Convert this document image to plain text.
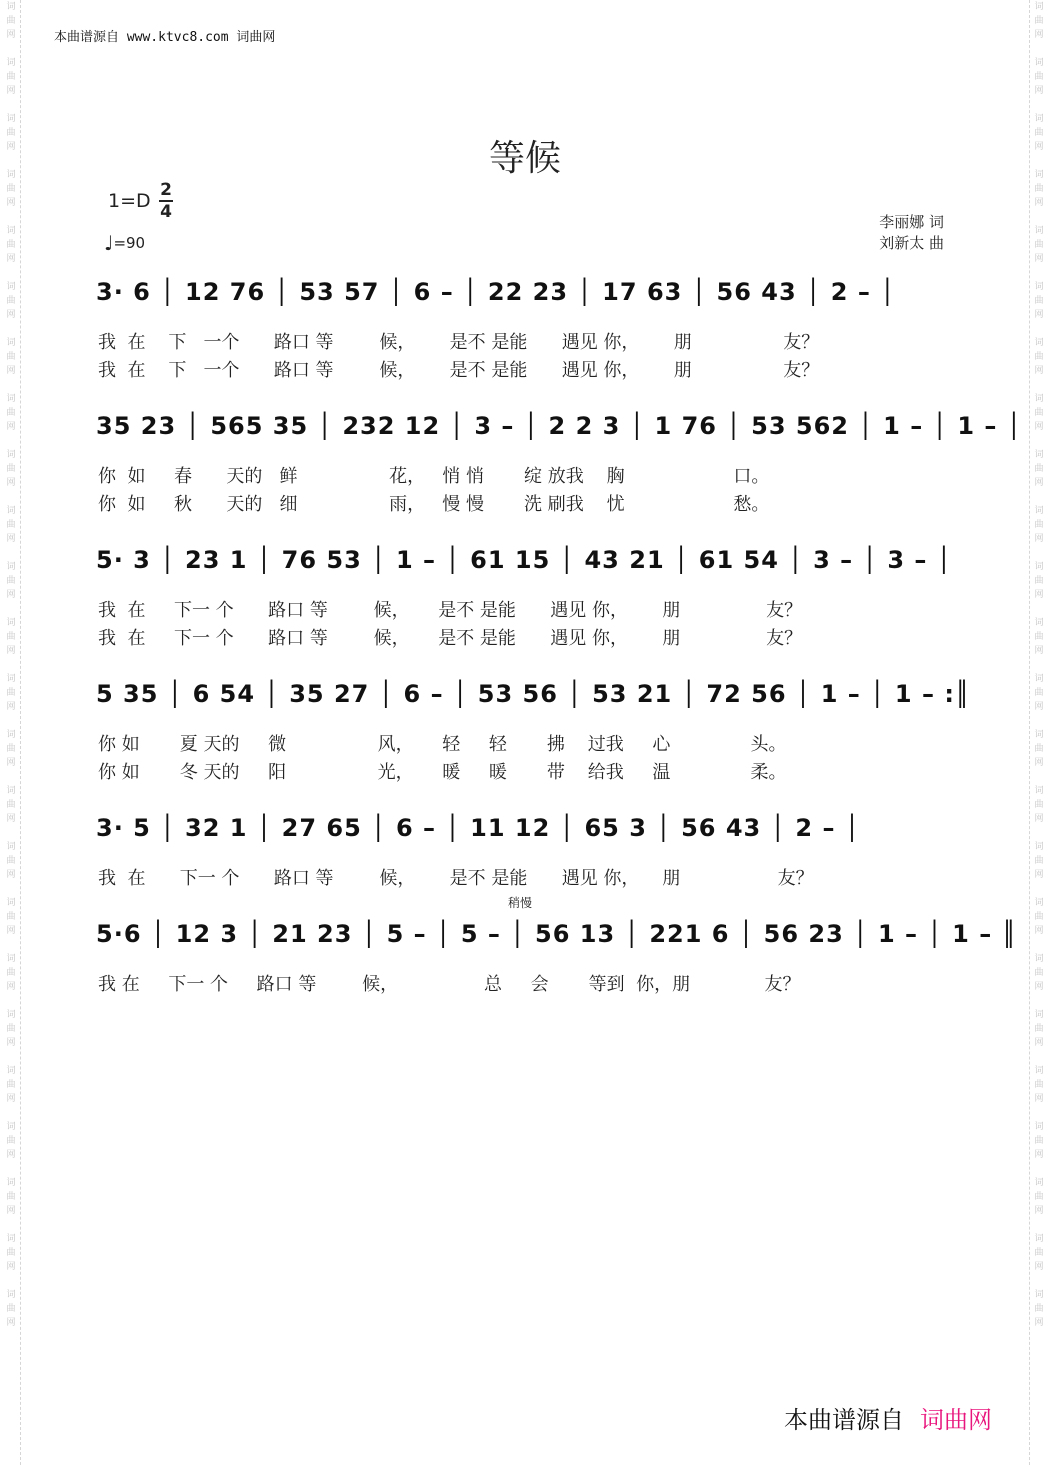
词
曲
网

词
曲
网

词
曲
网

词
曲
网

词
曲
网

词
曲
网

词
曲
网

词
曲
网

词
曲
网

词
曲
网

词
曲
网

词
曲
网

词
曲
网

词
曲
网

词
曲
网

词
曲
网

词
曲
网

词
曲
网

词
曲
网

词
曲
网

词
曲
网

词
曲
网

词
曲
网

词
曲
网
词
曲
网

词
曲
网

词
曲
网

词
曲
网

词
曲
网

词
曲
网

词
曲
网

词
曲
网

词
曲
网

词
曲
网

词
曲
网

词
曲
网

词
曲
网

词
曲
网

词
曲
网

词
曲
网

词
曲
网

词
曲
网

词
曲
网

词
曲
网

词
曲
网

词
曲
网

词
曲
网

词
曲
网
本曲谱源自 www.ktvc8.com 词曲网
等候
1=D 2
4
♩=90
李丽娜 词
刘新太 曲
3· 6 │ 12 76 │ 53 57 │ 6 – │ 22 23 │ 17 63 │ 56 43 │ 2 – │
我  在    下   一个      路口 等        候，      是不 是能      遇见 你，      朋                友？
我  在    下   一个      路口 等        候，      是不 是能      遇见 你，      朋                友？
35 23 │ 565 35 │ 232 12 │ 3 – │ 2 2 3 │ 1 76 │ 53 562 │ 1 – │ 1 – │
你  如     春      天的   鲜                花，   悄 悄       绽 放我    胸                   口。
你  如     秋      天的   细                雨，   慢 慢       洗 刷我    忧                   愁。
5· 3 │ 23 1 │ 76 53 │ 1 – │ 61 15 │ 43 21 │ 61 54 │ 3 – │ 3 – │
我  在     下一 个      路口 等        候，     是不 是能      遇见 你，      朋               友？
我  在     下一 个      路口 等        候，     是不 是能      遇见 你，      朋               友？
5 35 │ 6 54 │ 35 27 │ 6 – │ 53 56 │ 53 21 │ 72 56 │ 1 – │ 1 – :║
你 如       夏 天的     微                风，     轻     轻       拂    过我     心              头。
你 如       冬 天的     阳                光，     暖     暖       带    给我     温              柔。
3· 5 │ 32 1 │ 27 65 │ 6 – │ 11 12 │ 65 3 │ 56 43 │ 2 – │
我  在      下一 个      路口 等        候，      是不 是能      遇见 你，    朋                 友？
稍慢
5·6 │ 12 3 │ 21 23 │ 5 – │ 5 – │ 56 13 │ 221 6 │ 56 23 │ 1 – │ 1 – ║
我 在     下一 个     路口 等        候，               总     会       等到  你，朋             友？
本曲谱源自 词曲网
